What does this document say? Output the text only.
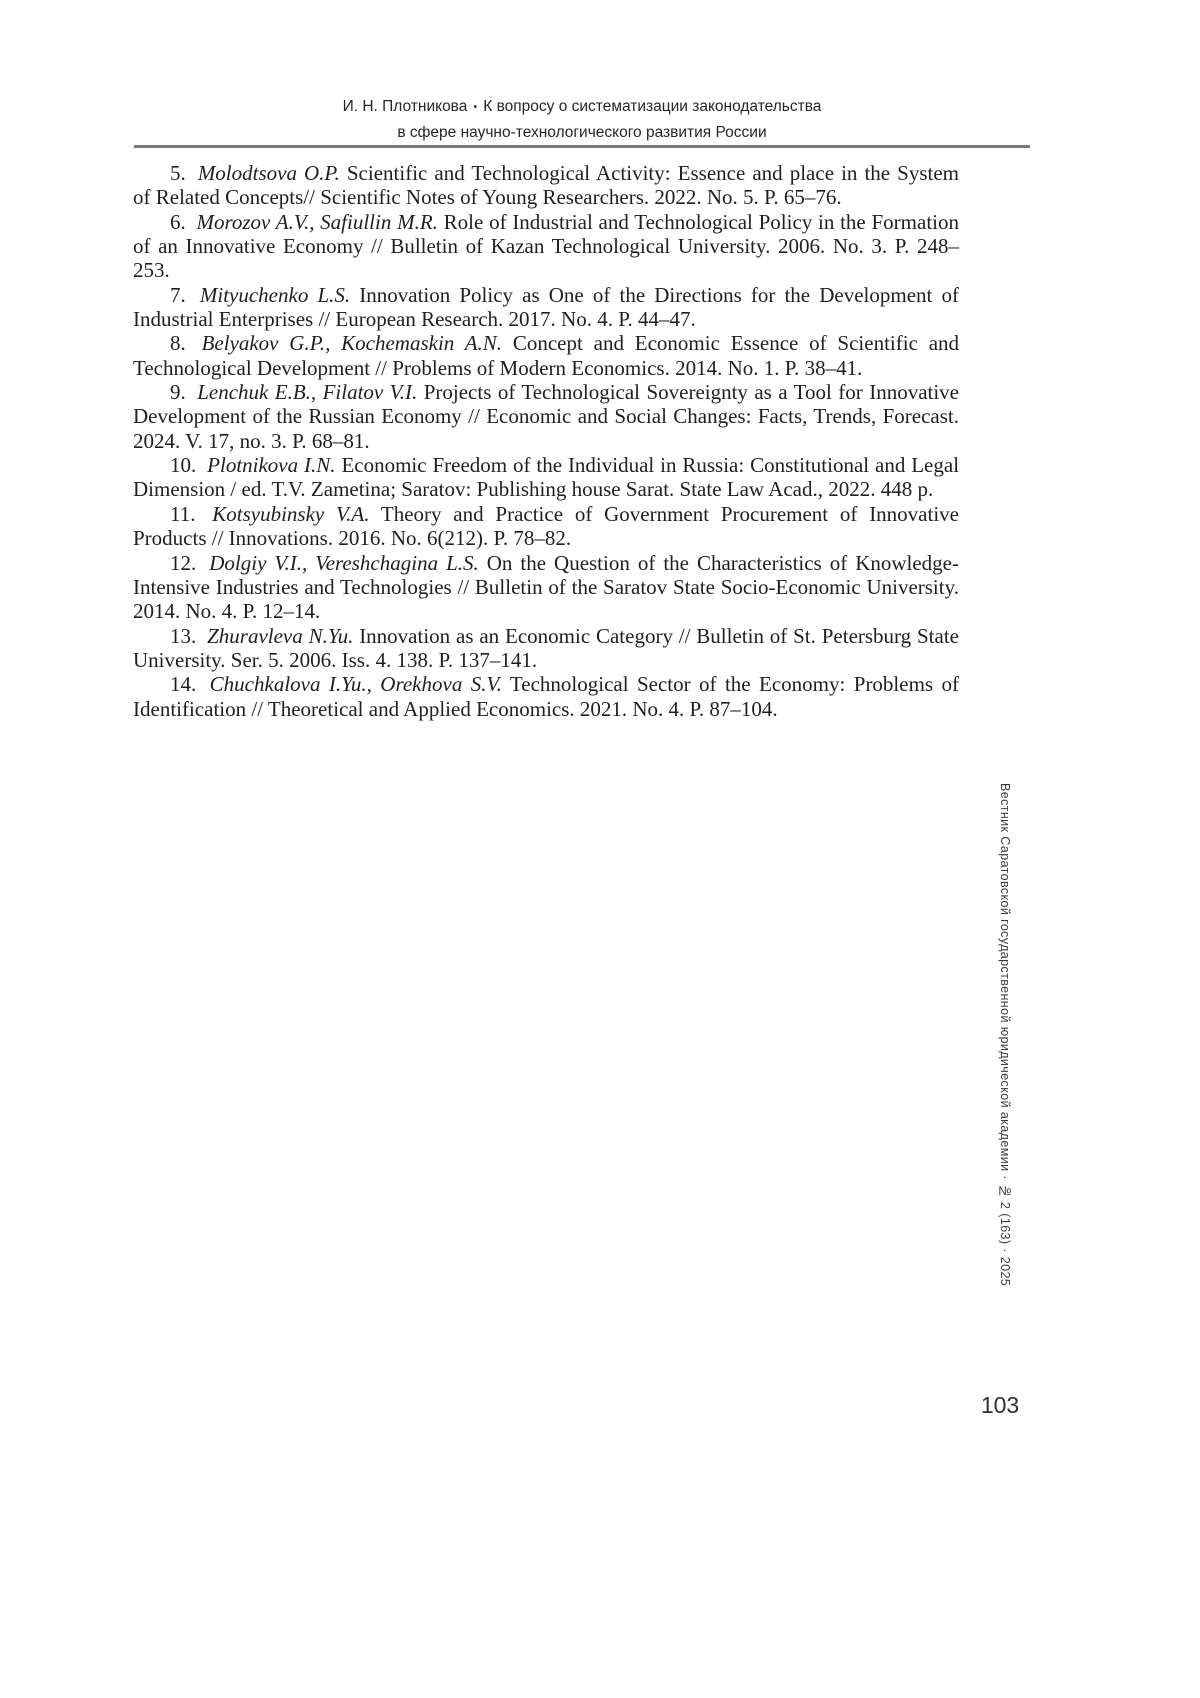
И. Н. Плотникова • К вопросу о систематизации законодательства
в сфере научно-технологического развития России

5. Molodtsova O.P. Scientific and Technological Activity: Essence and place in the System of Related Concepts// Scientific Notes of Young Researchers. 2022. No. 5. P. 65–76.

6. Morozov A.V., Safiullin M.R. Role of Industrial and Technological Policy in the Formation of an Innovative Economy // Bulletin of Kazan Technological University. 2006. No. 3. P. 248–253.

7. Mityuchenko L.S. Innovation Policy as One of the Directions for the Development of Industrial Enterprises // European Research. 2017. No. 4. P. 44–47.

8. Belyakov G.P., Kochemaskin A.N. Concept and Economic Essence of Scientific and Technological Development // Problems of Modern Economics. 2014. No. 1. P. 38–41.

9. Lenchuk E.B., Filatov V.I. Projects of Technological Sovereignty as a Tool for Innovative Development of the Russian Economy // Economic and Social Changes: Facts, Trends, Forecast. 2024. V. 17, no. 3. P. 68–81.

10. Plotnikova I.N. Economic Freedom of the Individual in Russia: Constitutional and Legal Dimension / ed. T.V. Zametina; Saratov: Publishing house Sarat. State Law Acad., 2022. 448 p.

11. Kotsyubinsky V.A. Theory and Practice of Government Procurement of Innovative Products // Innovations. 2016. No. 6(212). P. 78–82.

12. Dolgiy V.I., Vereshchagina L.S. On the Question of the Characteristics of Knowledge-Intensive Industries and Technologies // Bulletin of the Saratov State Socio-Economic University. 2014. No. 4. P. 12–14.

13. Zhuravleva N.Yu. Innovation as an Economic Category // Bulletin of St. Petersburg State University. Ser. 5. 2006. Iss. 4. 138. P. 137–141.

14. Chuchkalova I.Yu., Orekhova S.V. Technological Sector of the Economy: Problems of Identification // Theoretical and Applied Economics. 2021. No. 4. P. 87–104.

Вестник Саратовской государственной юридической академии · № 2 (163) · 2025
103
